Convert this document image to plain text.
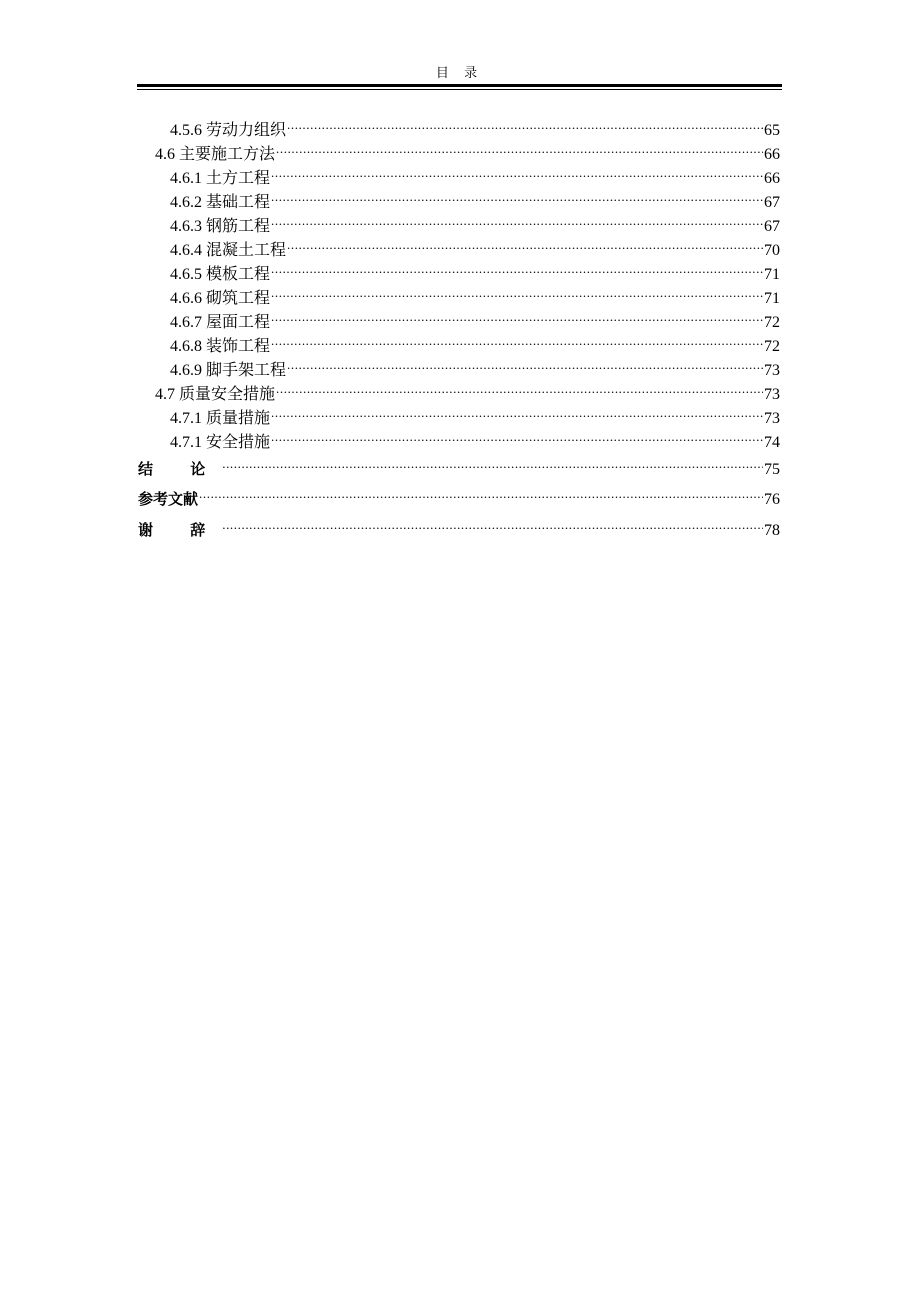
目 录
4.5.6 劳动力组织 .....	65
4.6 主要施工方法 .....	66
4.6.1 土方工程 .....	66
4.6.2 基础工程 .....	67
4.6.3 钢筋工程 .....	67
4.6.4 混凝土工程 .....	70
4.6.5 模板工程 .....	71
4.6.6 砌筑工程 .....	71
4.6.7 屋面工程 .....	72
4.6.8 装饰工程 .....	72
4.6.9 脚手架工程 .....	73
4.7 质量安全措施 .....	73
4.7.1 质量措施 .....	73
4.7.1 安全措施 .....	74
结 论 .....	75
参考文献 .....	76
谢 辞 .....	78
